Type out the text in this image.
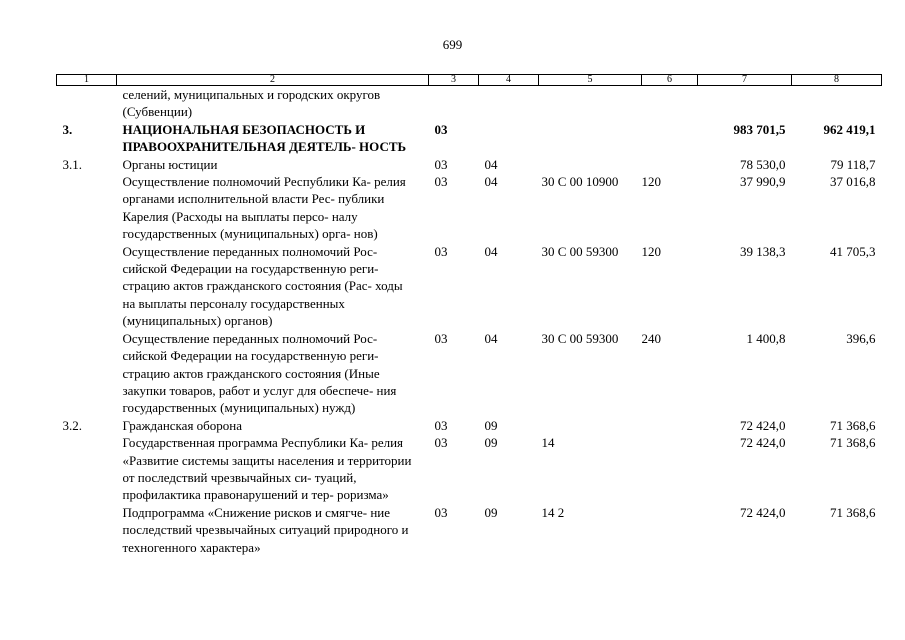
699
1	2	3	4	5	6	7	8
	селений, муниципальных и городских округов (Субвенции)						
3.	НАЦИОНАЛЬНАЯ БЕЗОПАСНОСТЬ И ПРАВООХРАНИТЕЛЬНАЯ ДЕЯТЕЛЬ- НОСТЬ	03				983 701,5	962 419,1
3.1.	Органы юстиции	03	04			78 530,0	79 118,7
	Осуществление полномочий Республики Ка- релия органами исполнительной власти Рес- публики Карелия (Расходы на выплаты персо- налу государственных (муниципальных) орга- нов)	03	04	30 С 00 10900	120	37 990,9	37 016,8
	Осуществление переданных полномочий Рос- сийской Федерации на государственную реги- страцию актов гражданского состояния (Рас- ходы на выплаты персоналу государственных (муниципальных) органов)	03	04	30 С 00 59300	120	39 138,3	41 705,3
	Осуществление переданных полномочий Рос- сийской Федерации на государственную реги- страцию актов гражданского состояния (Иные закупки товаров, работ и услуг для обеспече- ния государственных (муниципальных) нужд)	03	04	30 С 00 59300	240	1 400,8	396,6
3.2.	Гражданская оборона	03	09			72 424,0	71 368,6
	Государственная программа Республики Ка- релия «Развитие системы защиты населения и территории от последствий чрезвычайных си- туаций, профилактика правонарушений и тер- роризма»	03	09	14		72 424,0	71 368,6
	Подпрограмма «Снижение рисков и смягче- ние последствий чрезвычайных ситуаций природного и техногенного характера»	03	09	14 2		72 424,0	71 368,6
